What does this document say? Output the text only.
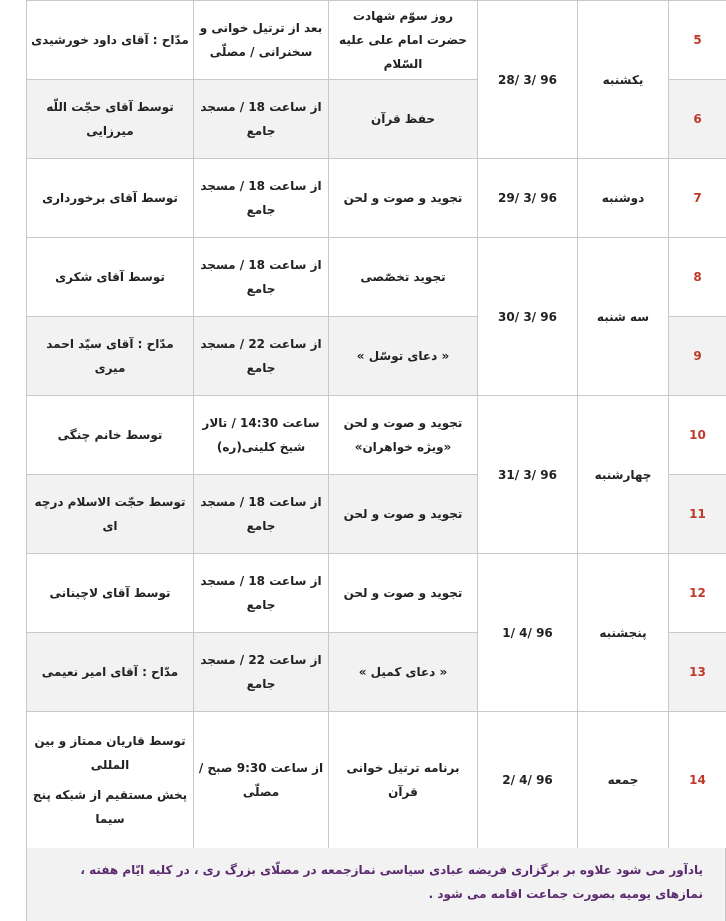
5	یکشنبه	96 /3 /28	روز سوّم شهادت حضرت امام علی علیه السّلام	بعد از ترتیل خوانی و سخنرانی / مصلّی	مدّاح : آقای داود خورشیدی
6			حفظ قرآن	از ساعت 18 / مسجد جامع	توسط آقای حجّت اللّه میرزایی
7	دوشنبه	96 /3 /29	تجوید و صوت و لحن	از ساعت 18 / مسجد جامع	توسط آقای برخورداری
8	سه شنبه	96 /3 /30	تجوید تخصّصی	از ساعت 18 / مسجد جامع	توسط آقای شکری
9			« دعای توسّل »	از ساعت 22 / مسجد جامع	مدّاح : آقای سیّد احمد میری
10	چهارشنبه	96 /3 /31	تجوید و صوت و لحن «ویژه خواهران»	ساعت 14:30 / تالار شیخ کلینی(ره)	توسط خانم چنگی
11			تجوید و صوت و لحن	از ساعت 18 / مسجد جامع	توسط حجّت الاسلام درچه ای
12	پنجشنبه	96 /4 /1	تجوید و صوت و لحن	از ساعت 18 / مسجد جامع	توسط آقای لاچینانی
13			« دعای کمیل »	از ساعت 22 / مسجد جامع	مدّاح : آقای امیر نعیمی
14	جمعه	96 /4 /2	برنامه ترتیل خوانی قرآن	از ساعت 9:30 صبح / مصلّی	توسط قاریان ممتاز و بین المللی
پخش مستقیم از شبکه پنج سیما
یادآور می شود علاوه بر برگزاری فریضه عبادی سیاسی نمازجمعه در مصلّای بزرگ ری ، در کلیه ایّام هفته ، نمازهای یومیه بصورت جماعت اقامه می شود .
